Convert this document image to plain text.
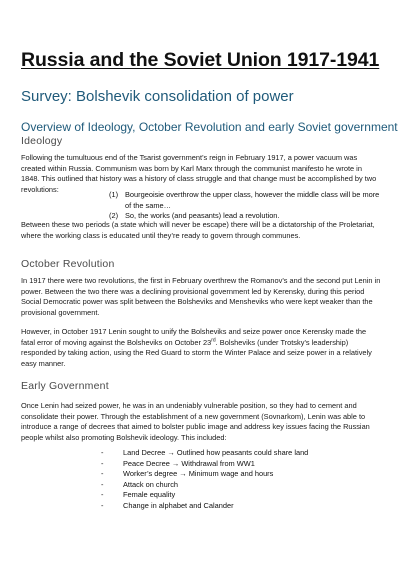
Russia and the Soviet Union 1917-1941
Survey: Bolshevik consolidation of power
Overview of Ideology, October Revolution and early Soviet government
Ideology

Following the tumultuous end of the Tsarist government’s reign in February 1917, a power vacuum was created within Russia. Communism was born by Karl Marx through the communist manifesto he wrote in 1848. This outlined that history was a history of class struggle and that change must be accomplished by two revolutions:

(1) Bourgeoisie overthrow the upper class, however the middle class will be more of the same…
(2) So, the works (and peasants) lead a revolution.

Between these two periods (a state which will never be escape) there will be a dictatorship of the Proletariat, where the working class is educated until they’re ready to govern through communes.

October Revolution

In 1917 there were two revolutions, the first in February overthrew the Romanov’s and the second put Lenin in power. Between the two there was a declining provisional government led by Kerensky, during this period Social Democratic power was split between the Bolsheviks and Mensheviks who were kept weaker than the provisional government.

However, in October 1917 Lenin sought to unify the Bolsheviks and seize power once Kerensky made the fatal error of moving against the Bolsheviks on October 23rd. Bolsheviks (under Trotsky’s leadership) responded by taking action, using the Red Guard to storm the Winter Palace and seize power in a relatively easy manner.

Early Government

Once Lenin had seized power, he was in an undeniably vulnerable position, so they had to cement and consolidate their power. Through the establishment of a new government (Sovnarkom), Lenin was able to introduce a range of decrees that aimed to bolster public image and address key issues facing the Russian people whilst also promoting Bolshevik ideology. This included:

-	Land Decree → Outlined how peasants could share land
-	Peace Decree → Withdrawal from WW1
-	Worker’s degree → Minimum wage and hours
-	Attack on church
-	Female equality
-	Change in alphabet and Calander
